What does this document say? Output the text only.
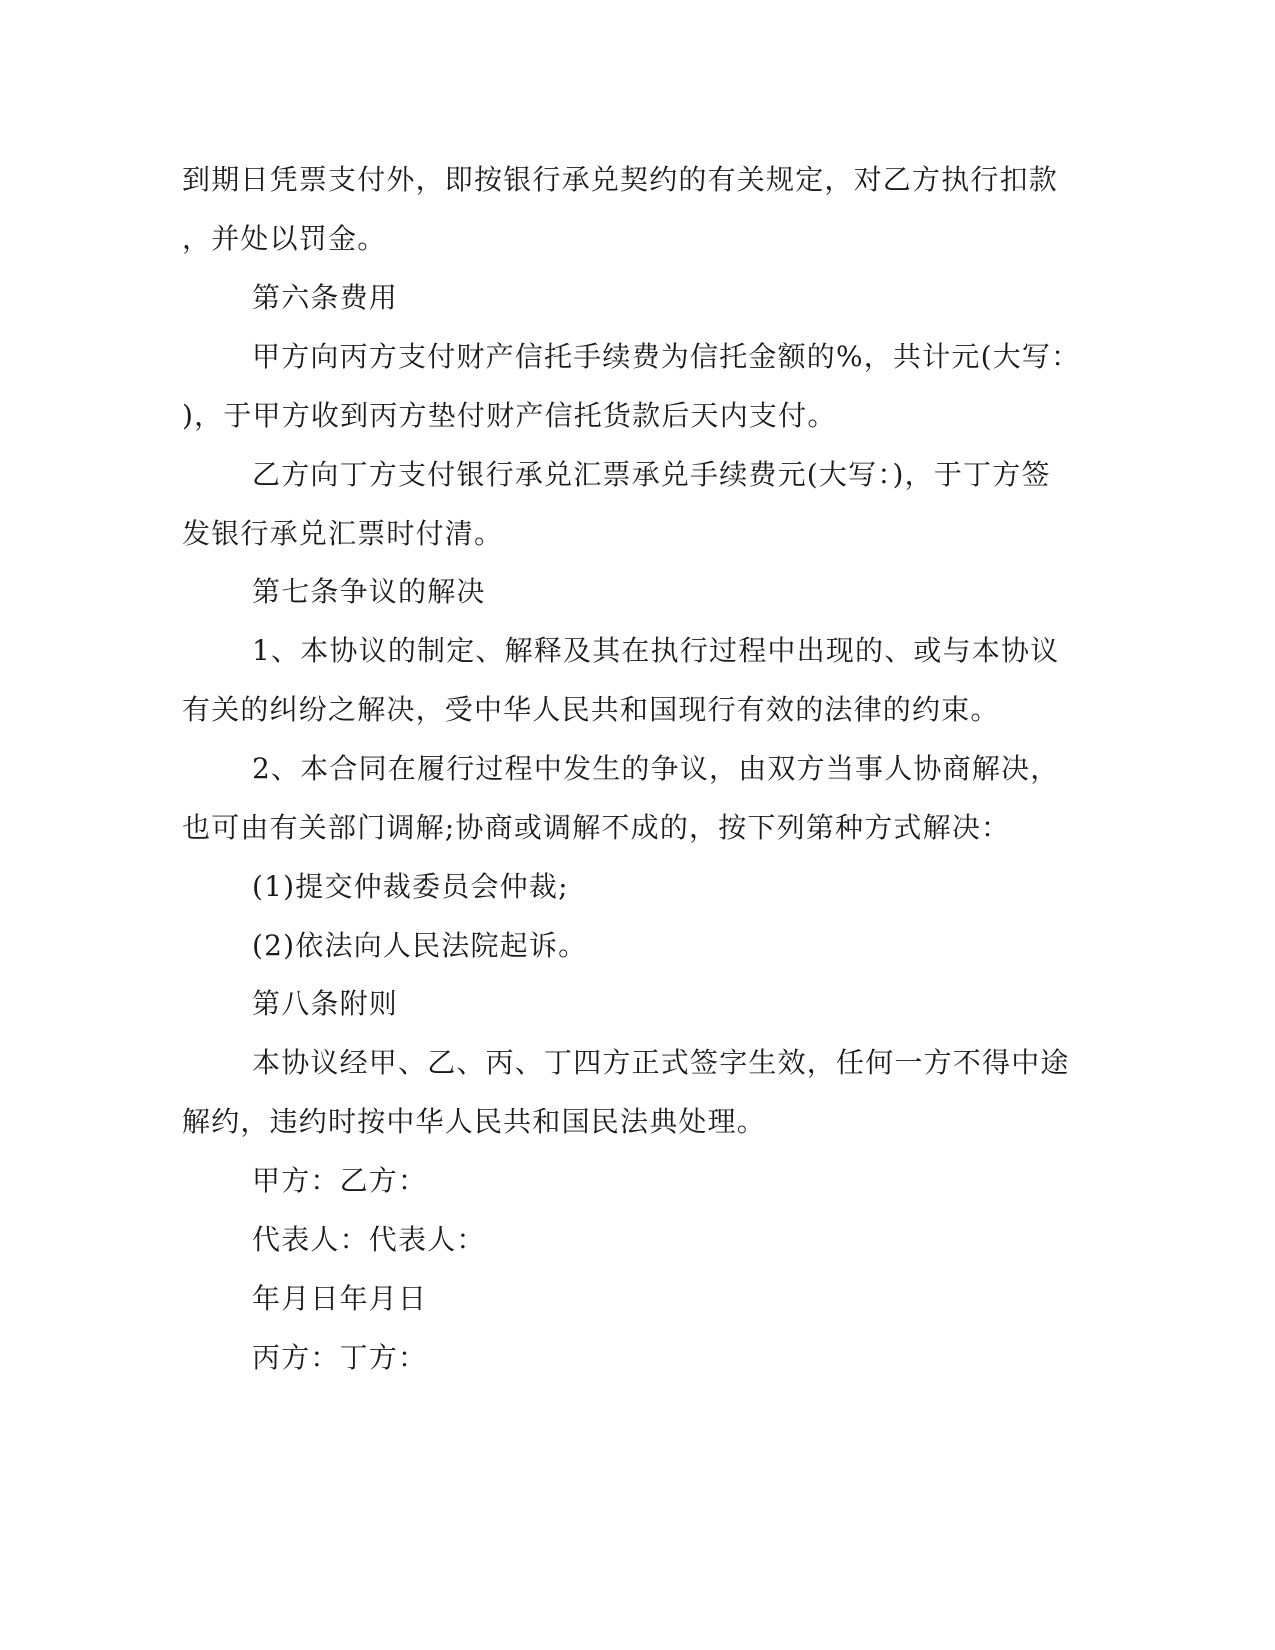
到期日凭票支付外，即按银行承兑契约的有关规定，对乙方执行扣款
，并处以罚金。
第六条费用
甲方向丙方支付财产信托手续费为信托金额的%，共计元(大写：
)，于甲方收到丙方垫付财产信托货款后天内支付。
乙方向丁方支付银行承兑汇票承兑手续费元(大写：)，于丁方签
发银行承兑汇票时付清。
第七条争议的解决
1、本协议的制定、解释及其在执行过程中出现的、或与本协议
有关的纠纷之解决，受中华人民共和国现行有效的法律的约束。
2、本合同在履行过程中发生的争议，由双方当事人协商解决，
也可由有关部门调解;协商或调解不成的，按下列第种方式解决：
(1)提交仲裁委员会仲裁;
(2)依法向人民法院起诉。
第八条附则
本协议经甲、乙、丙、丁四方正式签字生效，任何一方不得中途
解约，违约时按中华人民共和国民法典处理。
甲方：乙方：
代表人：代表人：
年月日年月日
丙方：丁方：
